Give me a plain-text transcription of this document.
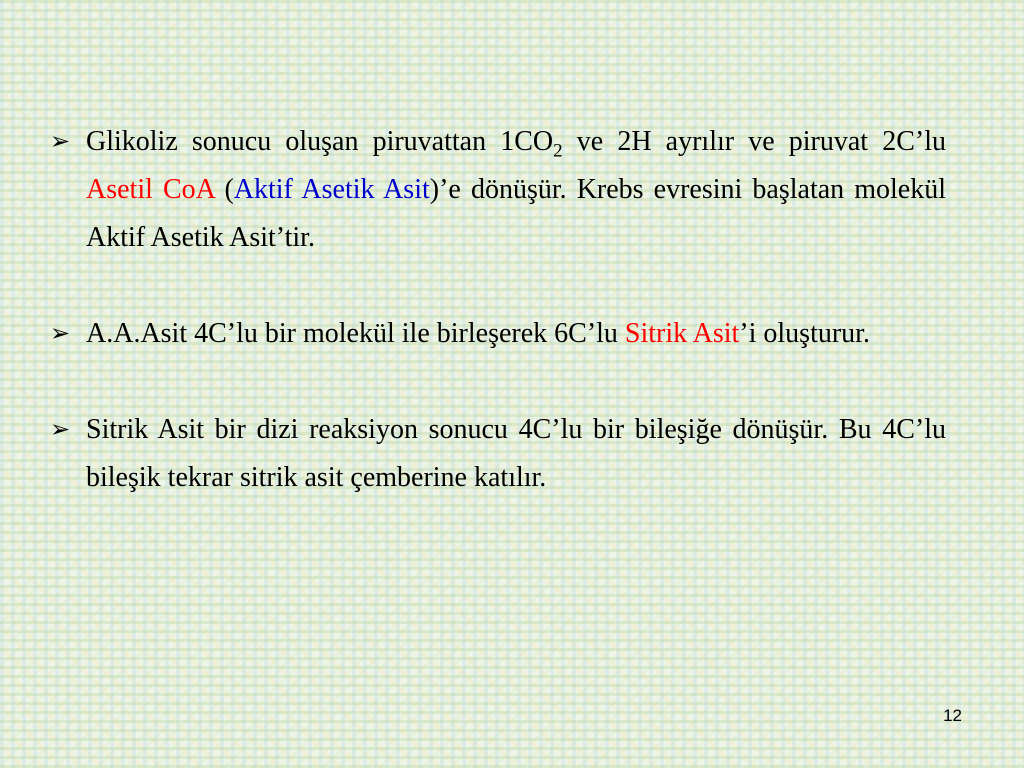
➢ Glikoliz sonucu oluşan piruvattan $1CO_2$ ve 2H ayrılır ve piruvat 2C’lu Asetil CoA (Aktif Asetik Asit)’e dönüşür. Krebs evresini başlatan molekül Aktif Asetik Asit’tir.
➢ A.A.Asit 4C’lu bir molekül ile birleşerek 6C’lu Sitrik Asit’i oluşturur.
➢ Sitrik Asit bir dizi reaksiyon sonucu 4C’lu bir bileşiğe dönüşür. Bu 4C’lu bileşik tekrar sitrik asit çemberine katılır.
12
